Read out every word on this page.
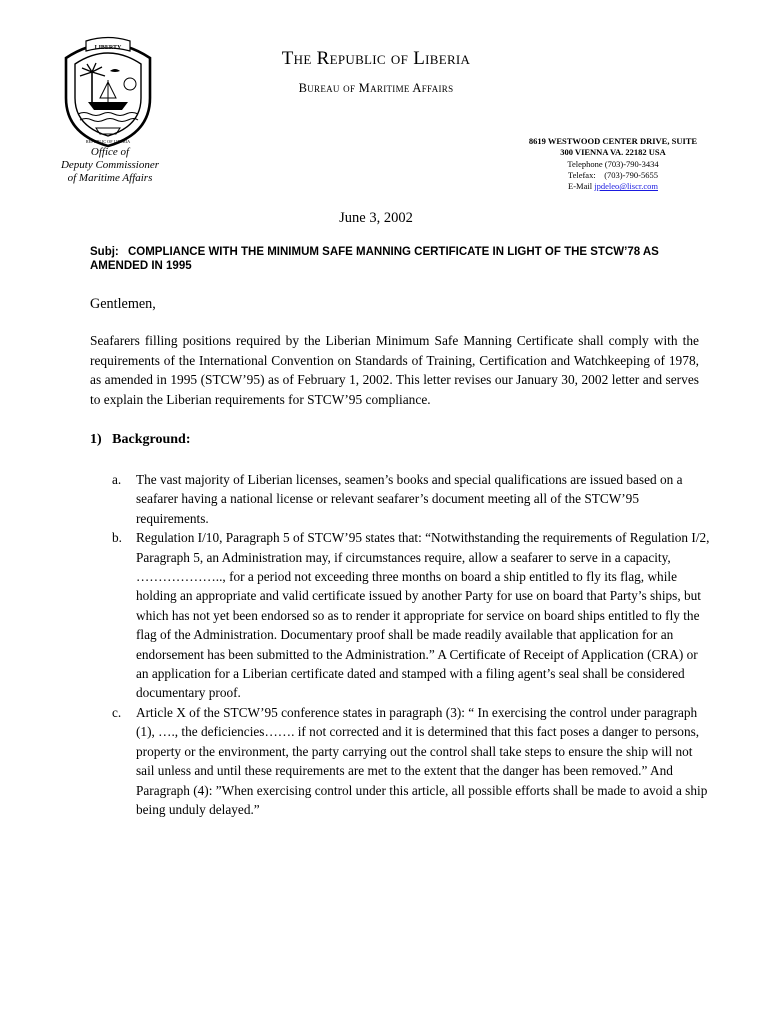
LIBERTY
REPUBLIC OF LIBERIA
Office of
Deputy Commissioner
of Maritime Affairs
The Republic of Liberia
Bureau of Maritime Affairs
8619 WESTWOOD CENTER DRIVE, SUITE
300 VIENNA VA. 22182 USA
Telephone (703)-790-3434
Telefax:    (703)-790-5655
E-Mail jpdeleo@liscr.com
June 3, 2002
Subj: COMPLIANCE WITH THE MINIMUM SAFE MANNING CERTIFICATE IN LIGHT OF THE STCW’78 AS AMENDED IN 1995
Gentlemen,
Seafarers filling positions required by the Liberian Minimum Safe Manning Certificate shall comply with the requirements of the International Convention on Standards of Training, Certification and Watchkeeping of 1978, as amended in 1995 (STCW’95) as of February 1, 2002. This letter revises our January 30, 2002 letter and serves to explain the Liberian requirements for STCW’95 compliance.
1)   Background:
a. The vast majority of Liberian licenses, seamen’s books and special qualifications are issued based on a seafarer having a national license or relevant seafarer’s document meeting all of the STCW’95 requirements.
b. Regulation I/10, Paragraph 5 of STCW’95 states that: “Notwithstanding the requirements of Regulation I/2, Paragraph 5, an Administration may, if circumstances require, allow a seafarer to serve in a capacity, ……………….., for a period not exceeding three months on board a ship entitled to fly its flag, while holding an appropriate and valid certificate issued by another Party for use on board that Party’s ships, but which has not yet been endorsed so as to render it appropriate for service on board ships entitled to fly the flag of the Administration. Documentary proof shall be made readily available that application for an endorsement has been submitted to the Administration.” A Certificate of Receipt of Application (CRA) or an application for a Liberian certificate dated and stamped with a filing agent’s seal shall be considered documentary proof.
c. Article X of the STCW’95 conference states in paragraph (3): “ In exercising the control under paragraph (1), …., the deficiencies……. if not corrected and it is determined that this fact poses a danger to persons, property or the environment, the party carrying out the control shall take steps to ensure the ship will not sail unless and until these requirements are met to the extent that the danger has been removed.” And Paragraph (4): ”When exercising control under this article, all possible efforts shall be made to avoid a ship being unduly delayed.”
